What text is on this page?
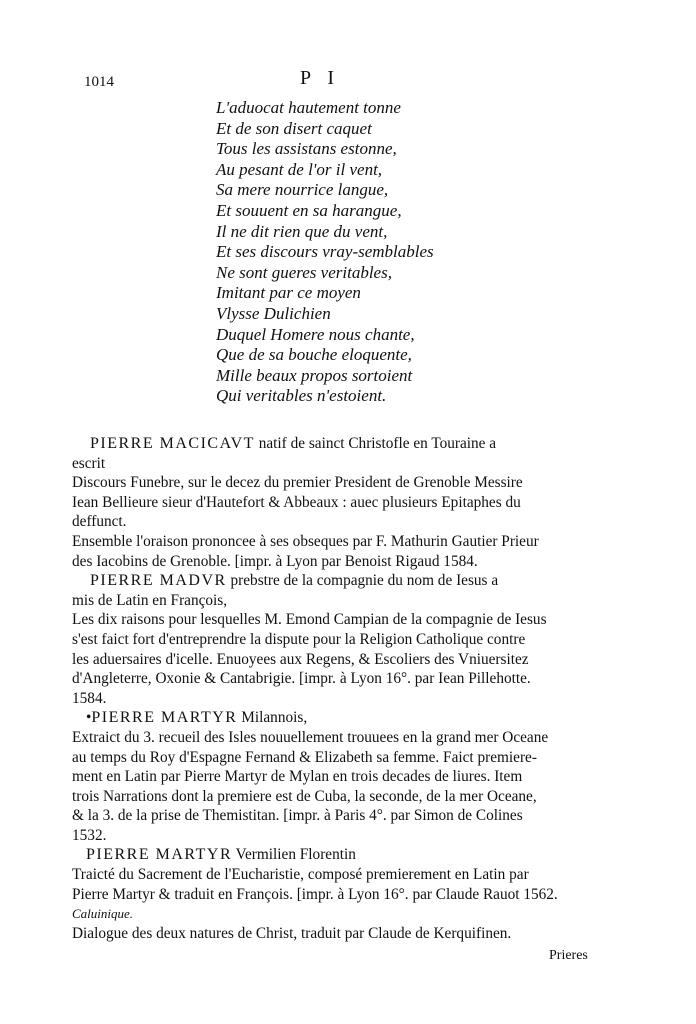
1014	P I
L'aduocat hautement tonne
Et de son disert caquet
Tous les assistans estonne,
Au pesant de l'or il vent,
Sa mere nourrice langue,
Et souuent en sa harangue,
Il ne dit rien que du vent,
Et ses discours vray-semblables
Ne sont gueres veritables,
Imitant par ce moyen
Vlysse Dulichien
Duquel Homere nous chante,
Que de sa bouche eloquente,
Mille beaux propos sortoient
Qui veritables n'estoient.
PIERRE MACICAVT natif de sainct Christofle en Touraine a
escrit
Discours Funebre, sur le decez du premier President de Grenoble Messire
Iean Bellieure sieur d'Hautefort & Abbeaux : auec plusieurs Epitaphes du
deffunct.
Ensemble l'oraison prononcee à ses obseques par F. Mathurin Gautier Prieur
des Iacobins de Grenoble. [impr. à Lyon par Benoist Rigaud 1584.
PIERRE MADVR prebstre de la compagnie du nom de Iesus a
mis de Latin en François,
Les dix raisons pour lesquelles M. Emond Campian de la compagnie de Iesus
s'est faict fort d'entreprendre la dispute pour la Religion Catholique contre
les aduersaires d'icelle. Enuoyees aux Regens, & Escoliers des Vniuersitez
d'Angleterre, Oxonie & Cantabrigie. [impr. à Lyon 16°. par Iean Pillehotte.
1584.
•PIERRE MARTYR Milannois,
Extraict du 3. recueil des Isles nouuellement trouuees en la grand mer Oceane
au temps du Roy d'Espagne Fernand & Elizabeth sa femme. Faict premiere-
ment en Latin par Pierre Martyr de Mylan en trois decades de liures. Item
trois Narrations dont la premiere est de Cuba, la seconde, de la mer Oceane,
& la 3. de la prise de Themistitan. [impr. à Paris 4°. par Simon de Colines
1532.
PIERRE MARTYR Vermilien Florentin
Traicté du Sacrement de l'Eucharistie, composé premierement en Latin par
Pierre Martyr & traduit en François. [impr. à Lyon 16°. par Claude Rauot 1562.
Caluinique.
Dialogue des deux natures de Christ, traduit par Claude de Kerquifinen.
Prieres
